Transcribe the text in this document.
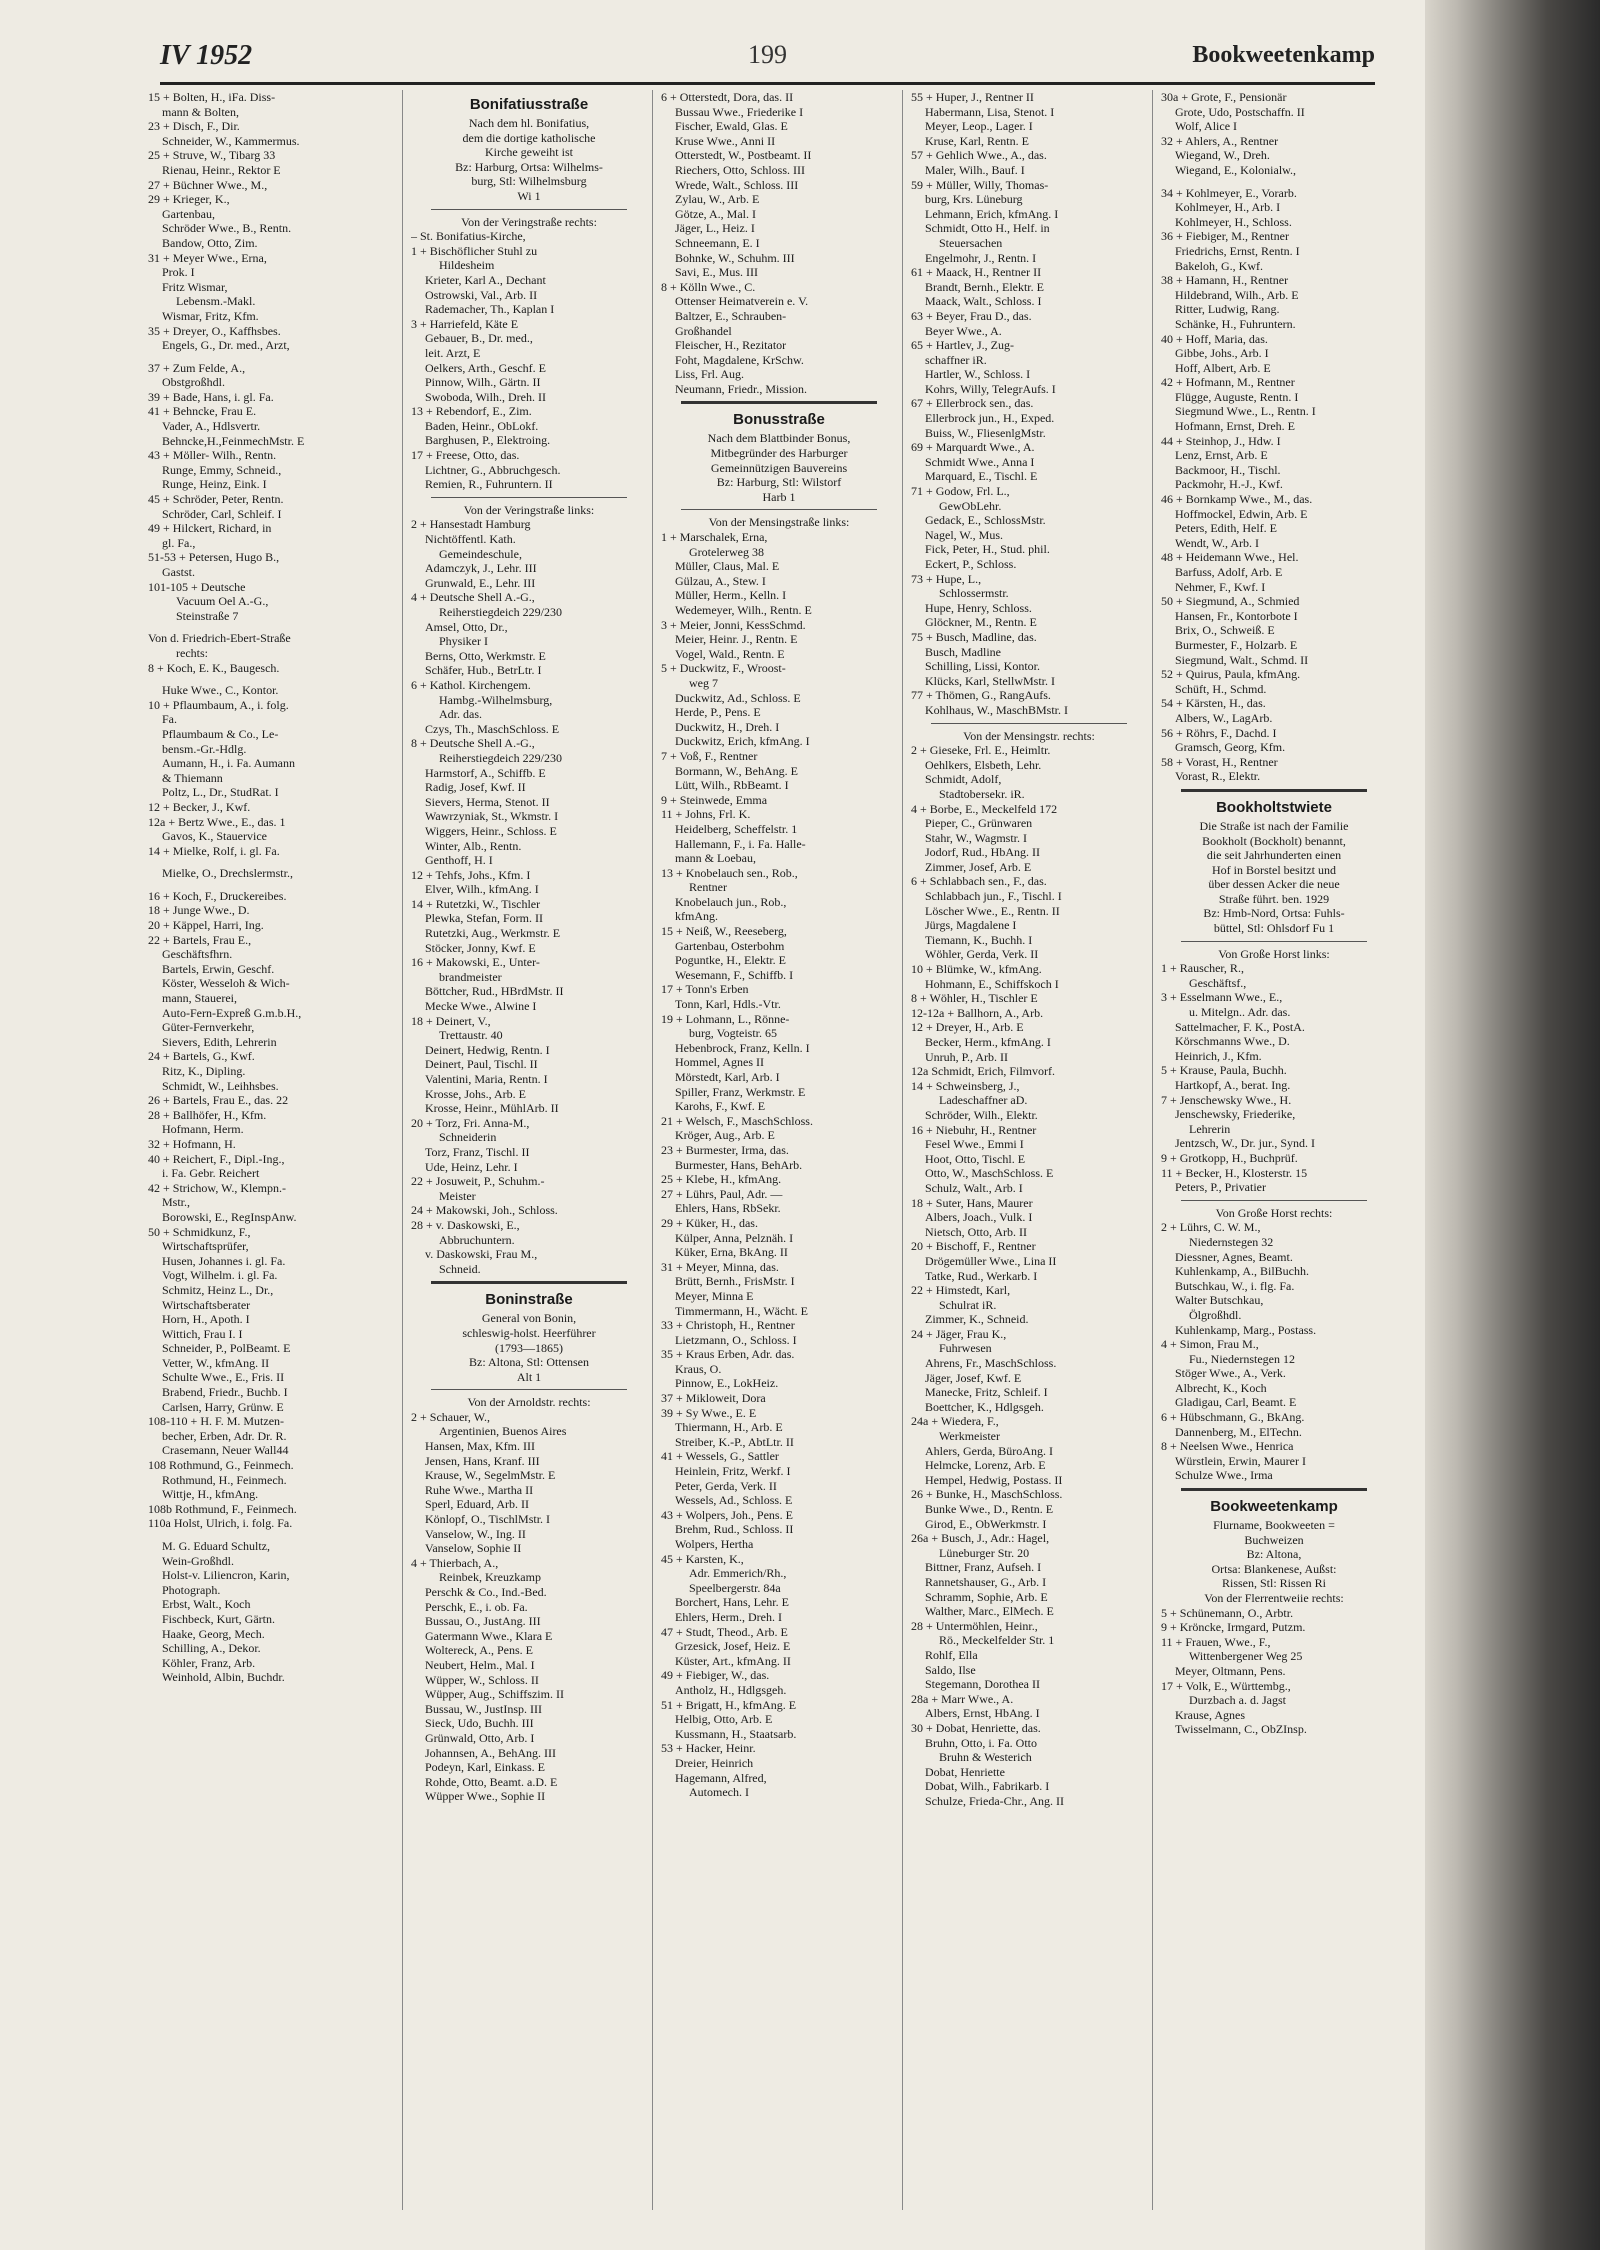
IV 1952	199	Bookweetenkamp
15 + Bolten, H., iFa. Diss-
mann & Bolten,
23 + Disch, F., Dir.
Schneider, W., Kammermus.
25 + Struve, W., Tibarg 33
Rienau, Heinr., Rektor E
27 + Büchner Wwe., M.,
29 + Krieger, K.,
Gartenbau,
Schröder Wwe., B., Rentn.
Bandow, Otto, Zim.
31 + Meyer Wwe., Erna,
Prok. I
Fritz Wismar,
Lebensm.-Makl.
Wismar, Fritz, Kfm.
35 + Dreyer, O., Kaffhsbes.
Engels, G., Dr. med., Arzt,
37 + Zum Felde, A.,
Obstgroßhdl.
39 + Bade, Hans, i. gl. Fa.
41 + Behncke, Frau E.
Vader, A., Hdlsvertr.
Behncke,H.,FeinmechMstr. E
43 + Möller- Wilh., Rentn.
Runge, Emmy, Schneid.,
Runge, Heinz, Eink. I
45 + Schröder, Peter, Rentn.
Schröder, Carl, Schleif. I
49 + Hilckert, Richard, in
gl. Fa.,
51-53 + Petersen, Hugo B.,
Gastst.
101-105 + Deutsche
Vacuum Oel A.-G.,
Steinstraße 7
Von d. Friedrich-Ebert-Straße
rechts:
8 + Koch, E. K., Baugesch.
Huke Wwe., C., Kontor.
10 + Pflaumbaum, A., i. folg.
Fa.
Pflaumbaum & Co., Le-
bensm.-Gr.-Hdlg.
Aumann, H., i. Fa. Aumann
& Thiemann
Poltz, L., Dr., StudRat. I
12 + Becker, J., Kwf.
12a + Bertz Wwe., E., das. 1
Gavos, K., Stauervice
14 + Mielke, Rolf, i. gl. Fa.
Mielke, O., Drechslermstr.,
16 + Koch, F., Druckereibes.
18 + Junge Wwe., D.
20 + Käppel, Harri, Ing.
22 + Bartels, Frau E.,
Geschäftsfhrn.
Bartels, Erwin, Geschf.
Köster, Wesseloh & Wich-
mann, Stauerei,
Auto-Fern-Expreß G.m.b.H.,
Güter-Fernverkehr,
Sievers, Edith, Lehrerin
24 + Bartels, G., Kwf.
Ritz, K., Dipling.
Schmidt, W., Leihhsbes.
26 + Bartels, Frau E., das. 22
28 + Ballhöfer, H., Kfm.
Hofmann, Herm.
32 + Hofmann, H.
40 + Reichert, F., Dipl.-Ing.,
i. Fa. Gebr. Reichert
42 + Strichow, W., Klempn.-
Mstr.,
Borowski, E., RegInspAnw.
50 + Schmidkunz, F.,
Wirtschaftsprüfer,
Husen, Johannes i. gl. Fa.
Vogt, Wilhelm. i. gl. Fa.
Schmitz, Heinz L., Dr.,
Wirtschaftsberater
Horn, H., Apoth. I
Wittich, Frau I. I
Schneider, P., PolBeamt. E
Vetter, W., kfmAng. II
Schulte Wwe., E., Fris. II
Brabend, Friedr., Buchb. I
Carlsen, Harry, Grünw. E
108-110 + H. F. M. Mutzen-
becher, Erben, Adr. Dr. R.
Crasemann, Neuer Wall44
108 Rothmund, G., Feinmech.
Rothmund, H., Feinmech.
Wittje, H., kfmAng.
108b Rothmund, F., Feinmech.
110a Holst, Ulrich, i. folg. Fa.
M. G. Eduard Schultz,
Wein-Großhdl.
Holst-v. Liliencron, Karin,
Photograph.
Erbst, Walt., Koch
Fischbeck, Kurt, Gärtn.
Haake, Georg, Mech.
Schilling, A., Dekor.
Köhler, Franz, Arb.
Weinhold, Albin, Buchdr.
Bonifatiusstraße
Nach dem hl. Bonifatius,
dem die dortige katholische
Kirche geweiht ist
Bz: Harburg, Ortsa: Wilhelms-
burg, Stl: Wilhelmsburg
Wi 1
Von der Veringstraße rechts:
– St. Bonifatius-Kirche,
1 + Bischöflicher Stuhl zu
Hildesheim
Krieter, Karl A., Dechant
Ostrowski, Val., Arb. II
Rademacher, Th., Kaplan I
3 + Harriefeld, Käte E
Gebauer, B., Dr. med.,
leit. Arzt, E
Oelkers, Arth., Geschf. E
Pinnow, Wilh., Gärtn. II
Swoboda, Wilh., Dreh. II
13 + Rebendorf, E., Zim.
Baden, Heinr., ObLokf.
Barghusen, P., Elektroing.
17 + Freese, Otto, das.
Lichtner, G., Abbruchgesch.
Remien, R., Fuhruntern. II
Von der Veringstraße links:
2 + Hansestadt Hamburg
Nichtöffentl. Kath.
Gemeindeschule,
Adamczyk, J., Lehr. III
Grunwald, E., Lehr. III
4 + Deutsche Shell A.-G.,
Reiherstiegdeich 229/230
Amsel, Otto, Dr.,
Physiker I
Berns, Otto, Werkmstr. E
Schäfer, Hub., BetrLtr. I
6 + Kathol. Kirchengem.
Hambg.-Wilhelmsburg,
Adr. das.
Czys, Th., MaschSchloss. E
8 + Deutsche Shell A.-G.,
Reiherstiegdeich 229/230
Harmstorf, A., Schiffb. E
Radig, Josef, Kwf. II
Sievers, Herma, Stenot. II
Wawrzyniak, St., Wkmstr. I
Wiggers, Heinr., Schloss. E
Winter, Alb., Rentn.
Genthoff, H. I
12 + Tehfs, Johs., Kfm. I
Elver, Wilh., kfmAng. I
14 + Rutetzki, W., Tischler
Plewka, Stefan, Form. II
Rutetzki, Aug., Werkmstr. E
Stöcker, Jonny, Kwf. E
16 + Makowski, E., Unter-
brandmeister
Böttcher, Rud., HBrdMstr. II
Mecke Wwe., Alwine I
18 + Deinert, V.,
Trettaustr. 40
Deinert, Hedwig, Rentn. I
Deinert, Paul, Tischl. II
Valentini, Maria, Rentn. I
Krosse, Johs., Arb. E
Krosse, Heinr., MühlArb. II
20 + Torz, Fri. Anna-M.,
Schneiderin
Torz, Franz, Tischl. II
Ude, Heinz, Lehr. I
22 + Josuweit, P., Schuhm.-
Meister
24 + Makowski, Joh., Schloss.
28 + v. Daskowski, E.,
Abbruchuntern.
v. Daskowski, Frau M.,
Schneid.
Boninstraße
General von Bonin,
schleswig-holst. Heerführer
(1793—1865)
Bz: Altona, Stl: Ottensen
Alt 1
Von der Arnoldstr. rechts:
2 + Schauer, W.,
Argentinien, Buenos Aires
Hansen, Max, Kfm. III
Jensen, Hans, Kranf. III
Krause, W., SegelmMstr. E
Ruhe Wwe., Martha II
Sperl, Eduard, Arb. II
Könlopf, O., TischlMstr. I
Vanselow, W., Ing. II
Vanselow, Sophie II
4 + Thierbach, A.,
Reinbek, Kreuzkamp
Perschk & Co., Ind.-Bed.
Perschk, E., i. ob. Fa.
Bussau, O., JustAng. III
Gatermann Wwe., Klara E
Woltereck, A., Pens. E
Neubert, Helm., Mal. I
Wüpper, W., Schloss. II
Wüpper, Aug., Schiffszim. II
Bussau, W., JustInsp. III
Sieck, Udo, Buchh. III
Grünwald, Otto, Arb. I
Johannsen, A., BehAng. III
Podeyn, Karl, Einkass. E
Rohde, Otto, Beamt. a.D. E
Wüpper Wwe., Sophie II
6 + Otterstedt, Dora, das. II
Bussau Wwe., Friederike I
Fischer, Ewald, Glas. E
Kruse Wwe., Anni II
Otterstedt, W., Postbeamt. II
Riechers, Otto, Schloss. III
Wrede, Walt., Schloss. III
Zylau, W., Arb. E
Götze, A., Mal. I
Jäger, L., Heiz. I
Schneemann, E. I
Bohnke, W., Schuhm. III
Savi, E., Mus. III
8 + Kölln Wwe., C.
Ottenser Heimatverein e. V.
Baltzer, E., Schrauben-
Großhandel
Fleischer, H., Rezitator
Foht, Magdalene, KrSchw.
Liss, Frl. Aug.
Neumann, Friedr., Mission.
Bonusstraße
Nach dem Blattbinder Bonus,
Mitbegründer des Harburger
Gemeinnützigen Bauvereins
Bz: Harburg, Stl: Wilstorf
Harb 1
Von der Mensingstraße links:
1 + Marschalek, Erna,
Grotelerweg 38
Müller, Claus, Mal. E
Gülzau, A., Stew. I
Müller, Herm., Kelln. I
Wedemeyer, Wilh., Rentn. E
3 + Meier, Jonni, KessSchmd.
Meier, Heinr. J., Rentn. E
Vogel, Wald., Rentn. E
5 + Duckwitz, F., Wroost-
weg 7
Duckwitz, Ad., Schloss. E
Herde, P., Pens. E
Duckwitz, H., Dreh. I
Duckwitz, Erich, kfmAng. I
7 + Voß, F., Rentner
Bormann, W., BehAng. E
Lütt, Wilh., RbBeamt. I
9 + Steinwede, Emma
11 + Johns, Frl. K.
Heidelberg, Scheffelstr. 1
Hallemann, F., i. Fa. Halle-
mann & Loebau,
13 + Knobelauch sen., Rob.,
Rentner
Knobelauch jun., Rob.,
kfmAng.
15 + Neiß, W., Reeseberg,
Gartenbau, Osterbohm
Poguntke, H., Elektr. E
Wesemann, F., Schiffb. I
17 + Tonn's Erben
Tonn, Karl, Hdls.-Vtr.
19 + Lohmann, L., Rönne-
burg, Vogteistr. 65
Hebenbrock, Franz, Kelln. I
Hommel, Agnes II
Mörstedt, Karl, Arb. I
Spiller, Franz, Werkmstr. E
Karohs, F., Kwf. E
21 + Welsch, F., MaschSchloss.
Kröger, Aug., Arb. E
23 + Burmester, Irma, das.
Burmester, Hans, BehArb.
25 + Klebe, H., kfmAng.
27 + Lührs, Paul, Adr. —
Ehlers, Hans, RbSekr.
29 + Küker, H., das.
Külper, Anna, Pelznäh. I
Küker, Erna, BkAng. II
31 + Meyer, Minna, das.
Brütt, Bernh., FrisMstr. I
Meyer, Minna E
Timmermann, H., Wächt. E
33 + Christoph, H., Rentner
Lietzmann, O., Schloss. I
35 + Kraus Erben, Adr. das.
Kraus, O.
Pinnow, E., LokHeiz.
37 + Mikloweit, Dora
39 + Sy Wwe., E. E
Thiermann, H., Arb. E
Streiber, K.-P., AbtLtr. II
41 + Wessels, G., Sattler
Heinlein, Fritz, Werkf. I
Peter, Gerda, Verk. II
Wessels, Ad., Schloss. E
43 + Wolpers, Joh., Pens. E
Brehm, Rud., Schloss. II
Wolpers, Hertha
45 + Karsten, K.,
Adr. Emmerich/Rh.,
Speelbergerstr. 84a
Borchert, Hans, Lehr. E
Ehlers, Herm., Dreh. I
47 + Studt, Theod., Arb. E
Grzesick, Josef, Heiz. E
Küster, Art., kfmAng. II
49 + Fiebiger, W., das.
Antholz, H., Hdlgsgeh.
51 + Brigatt, H., kfmAng. E
Helbig, Otto, Arb. E
Kussmann, H., Staatsarb.
53 + Hacker, Heinr.
Dreier, Heinrich
Hagemann, Alfred,
Automech. I
55 + Huper, J., Rentner II
Habermann, Lisa, Stenot. I
Meyer, Leop., Lager. I
Kruse, Karl, Rentn. E
57 + Gehlich Wwe., A., das.
Maler, Wilh., Bauf. I
59 + Müller, Willy, Thomas-
burg, Krs. Lüneburg
Lehmann, Erich, kfmAng. I
Schmidt, Otto H., Helf. in
Steuersachen
Engelmohr, J., Rentn. I
61 + Maack, H., Rentner II
Brandt, Bernh., Elektr. E
Maack, Walt., Schloss. I
63 + Beyer, Frau D., das.
Beyer Wwe., A.
65 + Hartlev, J., Zug-
schaffner iR.
Hartler, W., Schloss. I
Kohrs, Willy, TelegrAufs. I
67 + Ellerbrock sen., das.
Ellerbrock jun., H., Exped.
Buiss, W., FliesenlgMstr.
69 + Marquardt Wwe., A.
Schmidt Wwe., Anna I
Marquard, E., Tischl. E
71 + Godow, Frl. L.,
GewObLehr.
Gedack, E., SchlossMstr.
Nagel, W., Mus.
Fick, Peter, H., Stud. phil.
Eckert, P., Schloss.
73 + Hupe, L.,
Schlossermstr.
Hupe, Henry, Schloss.
Glöckner, M., Rentn. E
75 + Busch, Madline, das.
Busch, Madline
Schilling, Lissi, Kontor.
Klücks, Karl, StellwMstr. I
77 + Thömen, G., RangAufs.
Kohlhaus, W., MaschBMstr. I
Von der Mensingstr. rechts:
2 + Gieseke, Frl. E., Heimltr.
Oehlkers, Elsbeth, Lehr.
Schmidt, Adolf,
Stadtobersekr. iR.
4 + Borbe, E., Meckelfeld 172
Pieper, C., Grünwaren
Stahr, W., Wagmstr. I
Jodorf, Rud., HbAng. II
Zimmer, Josef, Arb. E
6 + Schlabbach sen., F., das.
Schlabbach jun., F., Tischl. I
Löscher Wwe., E., Rentn. II
Jürgs, Magdalene I
Tiemann, K., Buchh. I
Wöhler, Gerda, Verk. II
10 + Blümke, W., kfmAng.
Hohmann, E., Schiffskoch I
8 + Wöhler, H., Tischler E
12-12a + Ballhorn, A., Arb.
12 + Dreyer, H., Arb. E
Becker, Herm., kfmAng. I
Unruh, P., Arb. II
12a Schmidt, Erich, Filmvorf.
14 + Schweinsberg, J.,
Ladeschaffner aD.
Schröder, Wilh., Elektr.
16 + Niebuhr, H., Rentner
Fesel Wwe., Emmi I
Hoot, Otto, Tischl. E
Otto, W., MaschSchloss. E
Schulz, Walt., Arb. I
18 + Suter, Hans, Maurer
Albers, Joach., Vulk. I
Nietsch, Otto, Arb. II
20 + Bischoff, F., Rentner
Drögemüller Wwe., Lina II
Tatke, Rud., Werkarb. I
22 + Himstedt, Karl,
Schulrat iR.
Zimmer, K., Schneid.
24 + Jäger, Frau K.,
Fuhrwesen
Ahrens, Fr., MaschSchloss.
Jäger, Josef, Kwf. E
Manecke, Fritz, Schleif. I
Boettcher, K., Hdlgsgeh.
24a + Wiedera, F.,
Werkmeister
Ahlers, Gerda, BüroAng. I
Helmcke, Lorenz, Arb. E
Hempel, Hedwig, Postass. II
26 + Bunke, H., MaschSchloss.
Bunke Wwe., D., Rentn. E
Girod, E., ObWerkmstr. I
26a + Busch, J., Adr.: Hagel,
Lüneburger Str. 20
Bittner, Franz, Aufseh. I
Rannetshauser, G., Arb. I
Schramm, Sophie, Arb. E
Walther, Marc., ElMech. E
28 + Untermöhlen, Heinr.,
Rö., Meckelfelder Str. 1
Rohlf, Ella
Saldo, Ilse
Stegemann, Dorothea II
28a + Marr Wwe., A.
Albers, Ernst, HbAng. I
30 + Dobat, Henriette, das.
Bruhn, Otto, i. Fa. Otto
Bruhn & Westerich
Dobat, Henriette
Dobat, Wilh., Fabrikarb. I
Schulze, Frieda-Chr., Ang. II
30a + Grote, F., Pensionär
Grote, Udo, Postschaffn. II
Wolf, Alice I
32 + Ahlers, A., Rentner
Wiegand, W., Dreh.
Wiegand, E., Kolonialw.,
34 + Kohlmeyer, E., Vorarb.
Kohlmeyer, H., Arb. I
Kohlmeyer, H., Schloss.
36 + Fiebiger, M., Rentner
Friedrichs, Ernst, Rentn. I
Bakeloh, G., Kwf.
38 + Hamann, H., Rentner
Hildebrand, Wilh., Arb. E
Ritter, Ludwig, Rang.
Schänke, H., Fuhruntern.
40 + Hoff, Maria, das.
Gibbe, Johs., Arb. I
Hoff, Albert, Arb. E
42 + Hofmann, M., Rentner
Flügge, Auguste, Rentn. I
Siegmund Wwe., L., Rentn. I
Hofmann, Ernst, Dreh. E
44 + Steinhop, J., Hdw. I
Lenz, Ernst, Arb. E
Backmoor, H., Tischl.
Packmohr, H.-J., Kwf.
46 + Bornkamp Wwe., M., das.
Hoffmockel, Edwin, Arb. E
Peters, Edith, Helf. E
Wendt, W., Arb. I
48 + Heidemann Wwe., Hel.
Barfuss, Adolf, Arb. E
Nehmer, F., Kwf. I
50 + Siegmund, A., Schmied
Hansen, Fr., Kontorbote I
Brix, O., Schweiß. E
Burmester, F., Holzarb. E
Siegmund, Walt., Schmd. II
52 + Quirus, Paula, kfmAng.
Schüft, H., Schmd.
54 + Kärsten, H., das.
Albers, W., LagArb.
56 + Röhrs, F., Dachd. I
Gramsch, Georg, Kfm.
58 + Vorast, H., Rentner
Vorast, R., Elektr.
Bookholtstwiete
Die Straße ist nach der Familie
Bookholt (Bockholt) benannt,
die seit Jahrhunderten einen
Hof in Borstel besitzt und
über dessen Acker die neue
Straße führt. ben. 1929
Bz: Hmb-Nord, Ortsa: Fuhls-
büttel, Stl: Ohlsdorf Fu 1
Von Große Horst links:
1 + Rauscher, R.,
Geschäftsf.,
3 + Esselmann Wwe., E.,
u. Mitelgn.. Adr. das.
Sattelmacher, F. K., PostA.
Körschmanns Wwe., D.
Heinrich, J., Kfm.
5 + Krause, Paula, Buchh.
Hartkopf, A., berat. Ing.
7 + Jenschewsky Wwe., H.
Jenschewsky, Friederike,
Lehrerin
Jentzsch, W., Dr. jur., Synd. I
9 + Grotkopp, H., Buchprüf.
11 + Becker, H., Klosterstr. 15
Peters, P., Privatier
Von Große Horst rechts:
2 + Lührs, C. W. M.,
Niedernstegen 32
Diessner, Agnes, Beamt.
Kuhlenkamp, A., BilBuchh.
Butschkau, W., i. flg. Fa.
Walter Butschkau,
Ölgroßhdl.
Kuhlenkamp, Marg., Postass.
4 + Simon, Frau M.,
Fu., Niedernstegen 12
Stöger Wwe., A., Verk.
Albrecht, K., Koch
Gladigau, Carl, Beamt. E
6 + Hübschmann, G., BkAng.
Dannenberg, M., ElTechn.
8 + Neelsen Wwe., Henrica
Würstlein, Erwin, Maurer I
Schulze Wwe., Irma
Bookweetenkamp
Flurname, Bookweeten =
Buchweizen
Bz: Altona,
Ortsa: Blankenese, Außst:
Rissen, Stl: Rissen Ri
Von der Flerrentweiie rechts:
5 + Schünemann, O., Arbtr.
9 + Kröncke, Irmgard, Putzm.
11 + Frauen, Wwe., F.,
Wittenbergener Weg 25
Meyer, Oltmann, Pens.
17 + Volk, E., Württembg.,
Durzbach a. d. Jagst
Krause, Agnes
Twisselmann, C., ObZInsp.
